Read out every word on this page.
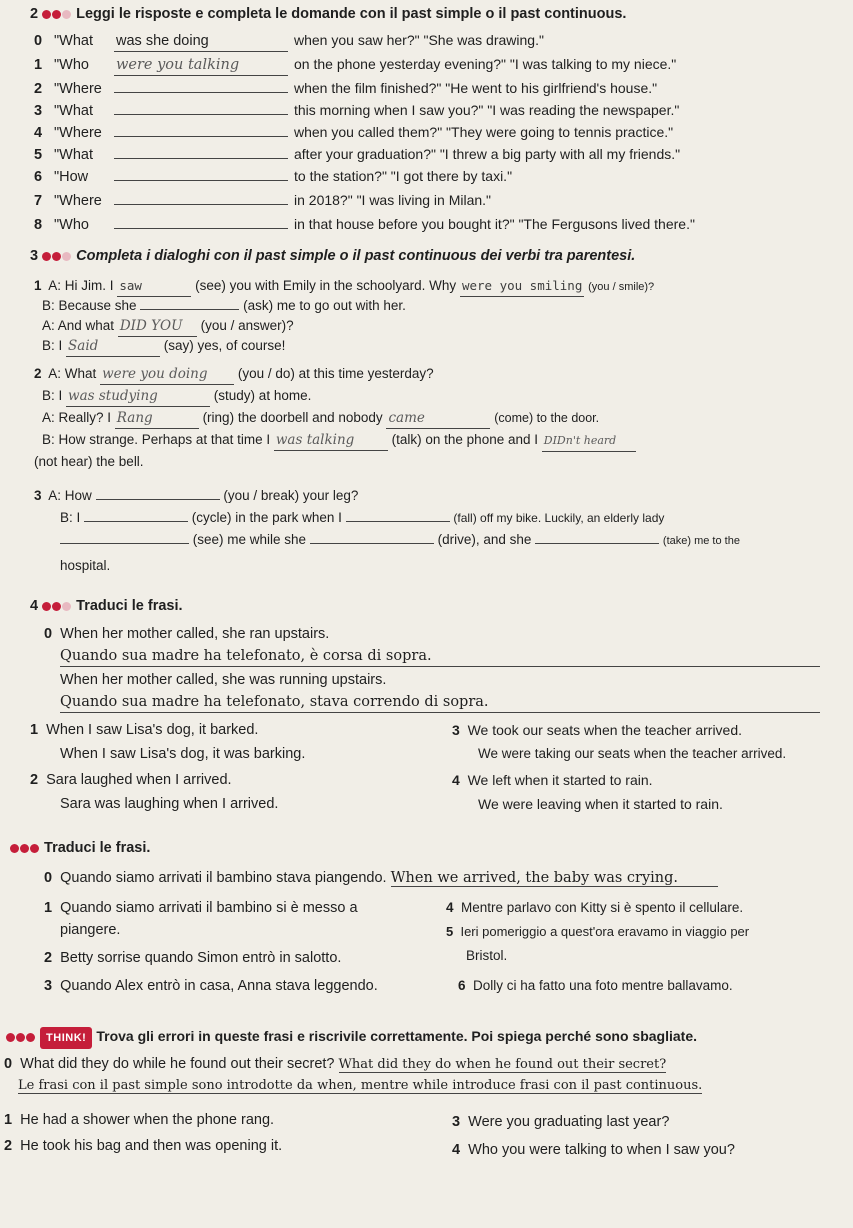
2	Leggi le risposte e completa le domande con il past simple o il past continuous.
0 "What was she doing	when you saw her?" "She was drawing."
1 "Who were you talking	on the phone yesterday evening?" "I was talking to my niece."
2 "Where	when the film finished?" "He went to his girlfriend's house."
3 "What	this morning when I saw you?" "I was reading the newspaper."
4 "Where	when you called them?" "They were going to tennis practice."
5 "What	after your graduation?" "I threw a big party with all my friends."
6 "How	to the station?" "I got there by taxi."
7 "Where	in 2018?" "I was living in Milan."
8 "Who	in that house before you bought it?" "The Fergusons lived there."
3	Completa i dialoghi con il past simple o il past continuous dei verbi tra parentesi.
1 A: Hi Jim. I saw	(see) you with Emily in the schoolyard. Why were you smiling (you / smile)?
B: Because she	(ask) me to go out with her.
A: And what DID YOU (you / answer)?
B: I Said	(say) yes, of course!
2 A: What were you doing (you / do) at this time yesterday?
B: I was studying	(study) at home.
A: Really? I Rang	(ring) the doorbell and nobody came	(come) to the door.
B: How strange. Perhaps at that time I was talking	(talk) on the phone and I DIDn't heard
(not hear) the bell.
3 A: How	(you / break) your leg?
B: I	(cycle) in the park when I	(fall) off my bike. Luckily, an elderly lady
(see) me while she	(drive), and she	(take) me to the
hospital.
4	Traduci le frasi.
0 When her mother called, she ran upstairs.
Quando sua madre ha telefonato, è corsa di sopra.
When her mother called, she was running upstairs.
Quando sua madre ha telefonato, stava correndo di sopra.
1 When I saw Lisa's dog, it barked.
When I saw Lisa's dog, it was barking.
2 Sara laughed when I arrived.
Sara was laughing when I arrived.
3 We took our seats when the teacher arrived.
We were taking our seats when the teacher arrived.
4 We left when it started to rain.
We were leaving when it started to rain.
Traduci le frasi.
0 Quando siamo arrivati il bambino stava piangendo. When we arrived, the baby was crying.
1 Quando siamo arrivati il bambino si è messo a
piangere.
2 Betty sorrise quando Simon entrò in salotto.
3 Quando Alex entrò in casa, Anna stava leggendo.
4 Mentre parlavo con Kitty si è spento il cellulare.
5 Ieri pomeriggio a quest'ora eravamo in viaggio per
Bristol.
6 Dolly ci ha fatto una foto mentre ballavamo.
THINK! Trova gli errori in queste frasi e riscrivile correttamente. Poi spiega perché sono sbagliate.
0 What did they do while he found out their secret? What did they do when he found out their secret?
Le frasi con il past simple sono introdotte da when, mentre while introduce frasi con il past continuous.
1 He had a shower when the phone rang.
2 He took his bag and then was opening it.
3 Were you graduating last year?
4 Who you were talking to when I saw you?
